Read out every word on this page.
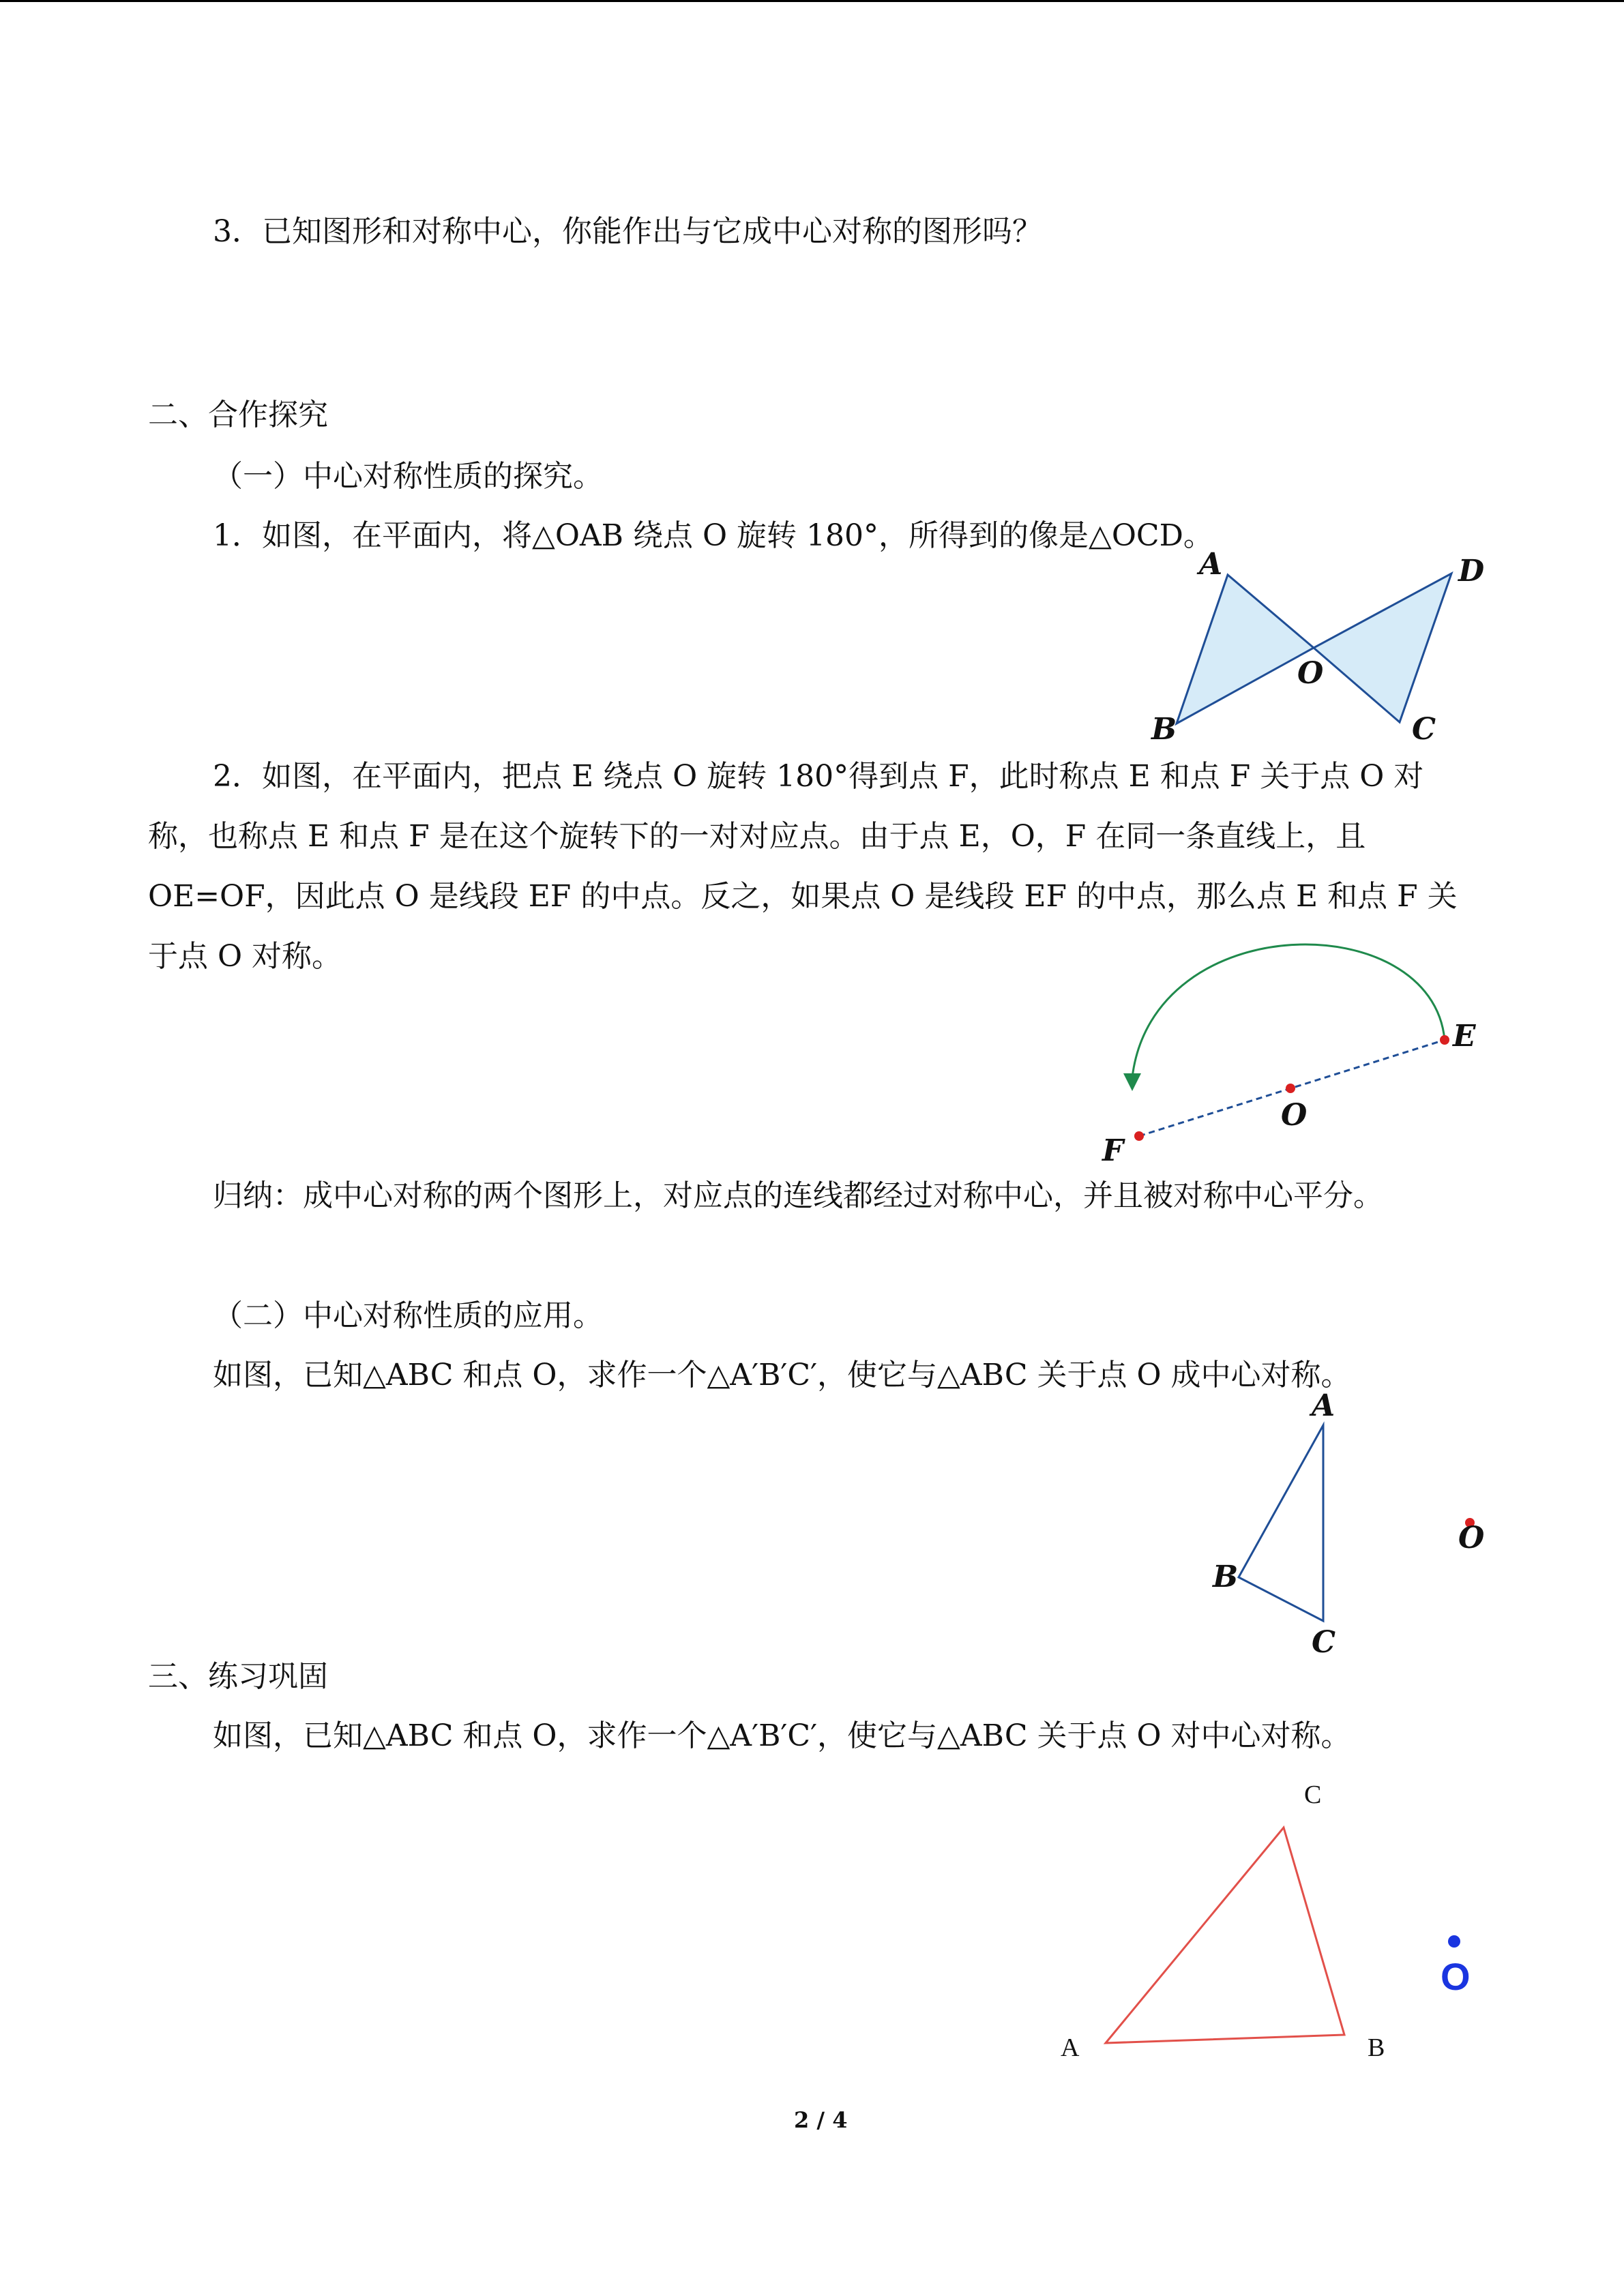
3．已知图形和对称中心，你能作出与它成中心对称的图形吗？
二、合作探究
（一）中心对称性质的探究。
1．如图，在平面内，将△OAB 绕点 O 旋转 180°，所得到的像是△OCD。
A	D
O
B	C
2．如图，在平面内，把点 E 绕点 O 旋转 180°得到点 F，此时称点 E 和点 F 关于点 O 对称，也称点 E 和点 F 是在这个旋转下的一对对应点。由于点 E，O，F 在同一条直线上，且 OE=OF，因此点 O 是线段 EF 的中点。反之，如果点 O 是线段 EF 的中点，那么点 E 和点 F 关于点 O 对称。
E
O
F
归纳：成中心对称的两个图形上，对应点的连线都经过对称中心，并且被对称中心平分。
（二）中心对称性质的应用。
如图，已知△ABC 和点 O，求作一个△A′B′C′，使它与△ABC 关于点 O 成中心对称。
A
B
C
O
三、练习巩固
如图，已知△ABC 和点 O，求作一个△A′B′C′，使它与△ABC 关于点 O 对中心对称。
C
A	B
O
2 / 4
